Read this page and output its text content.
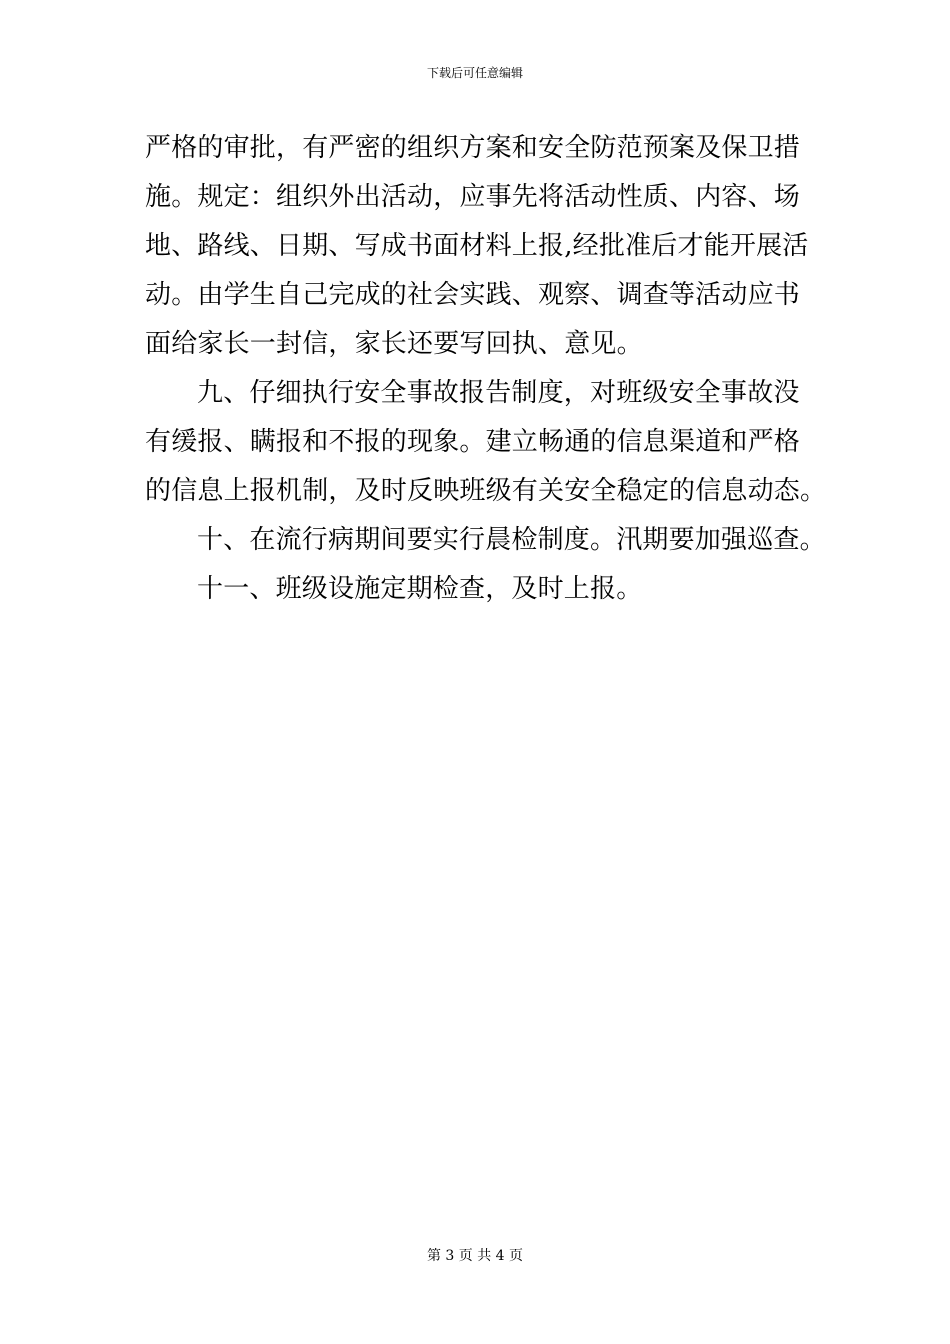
下载后可任意编辑
严格的审批，有严密的组织方案和安全防范预案及保卫措
施。规定：组织外出活动，应事先将活动性质、内容、场
地、路线、日期、写成书面材料上报,经批准后才能开展活
动。由学生自己完成的社会实践、观察、调查等活动应书
面给家长一封信，家长还要写回执、意见。
九、仔细执行安全事故报告制度，对班级安全事故没
有缓报、瞒报和不报的现象。建立畅通的信息渠道和严格
的信息上报机制，及时反映班级有关安全稳定的信息动态。
十、在流行病期间要实行晨检制度。汛期要加强巡查。
十一、班级设施定期检查，及时上报。
第 3 页 共 4 页
